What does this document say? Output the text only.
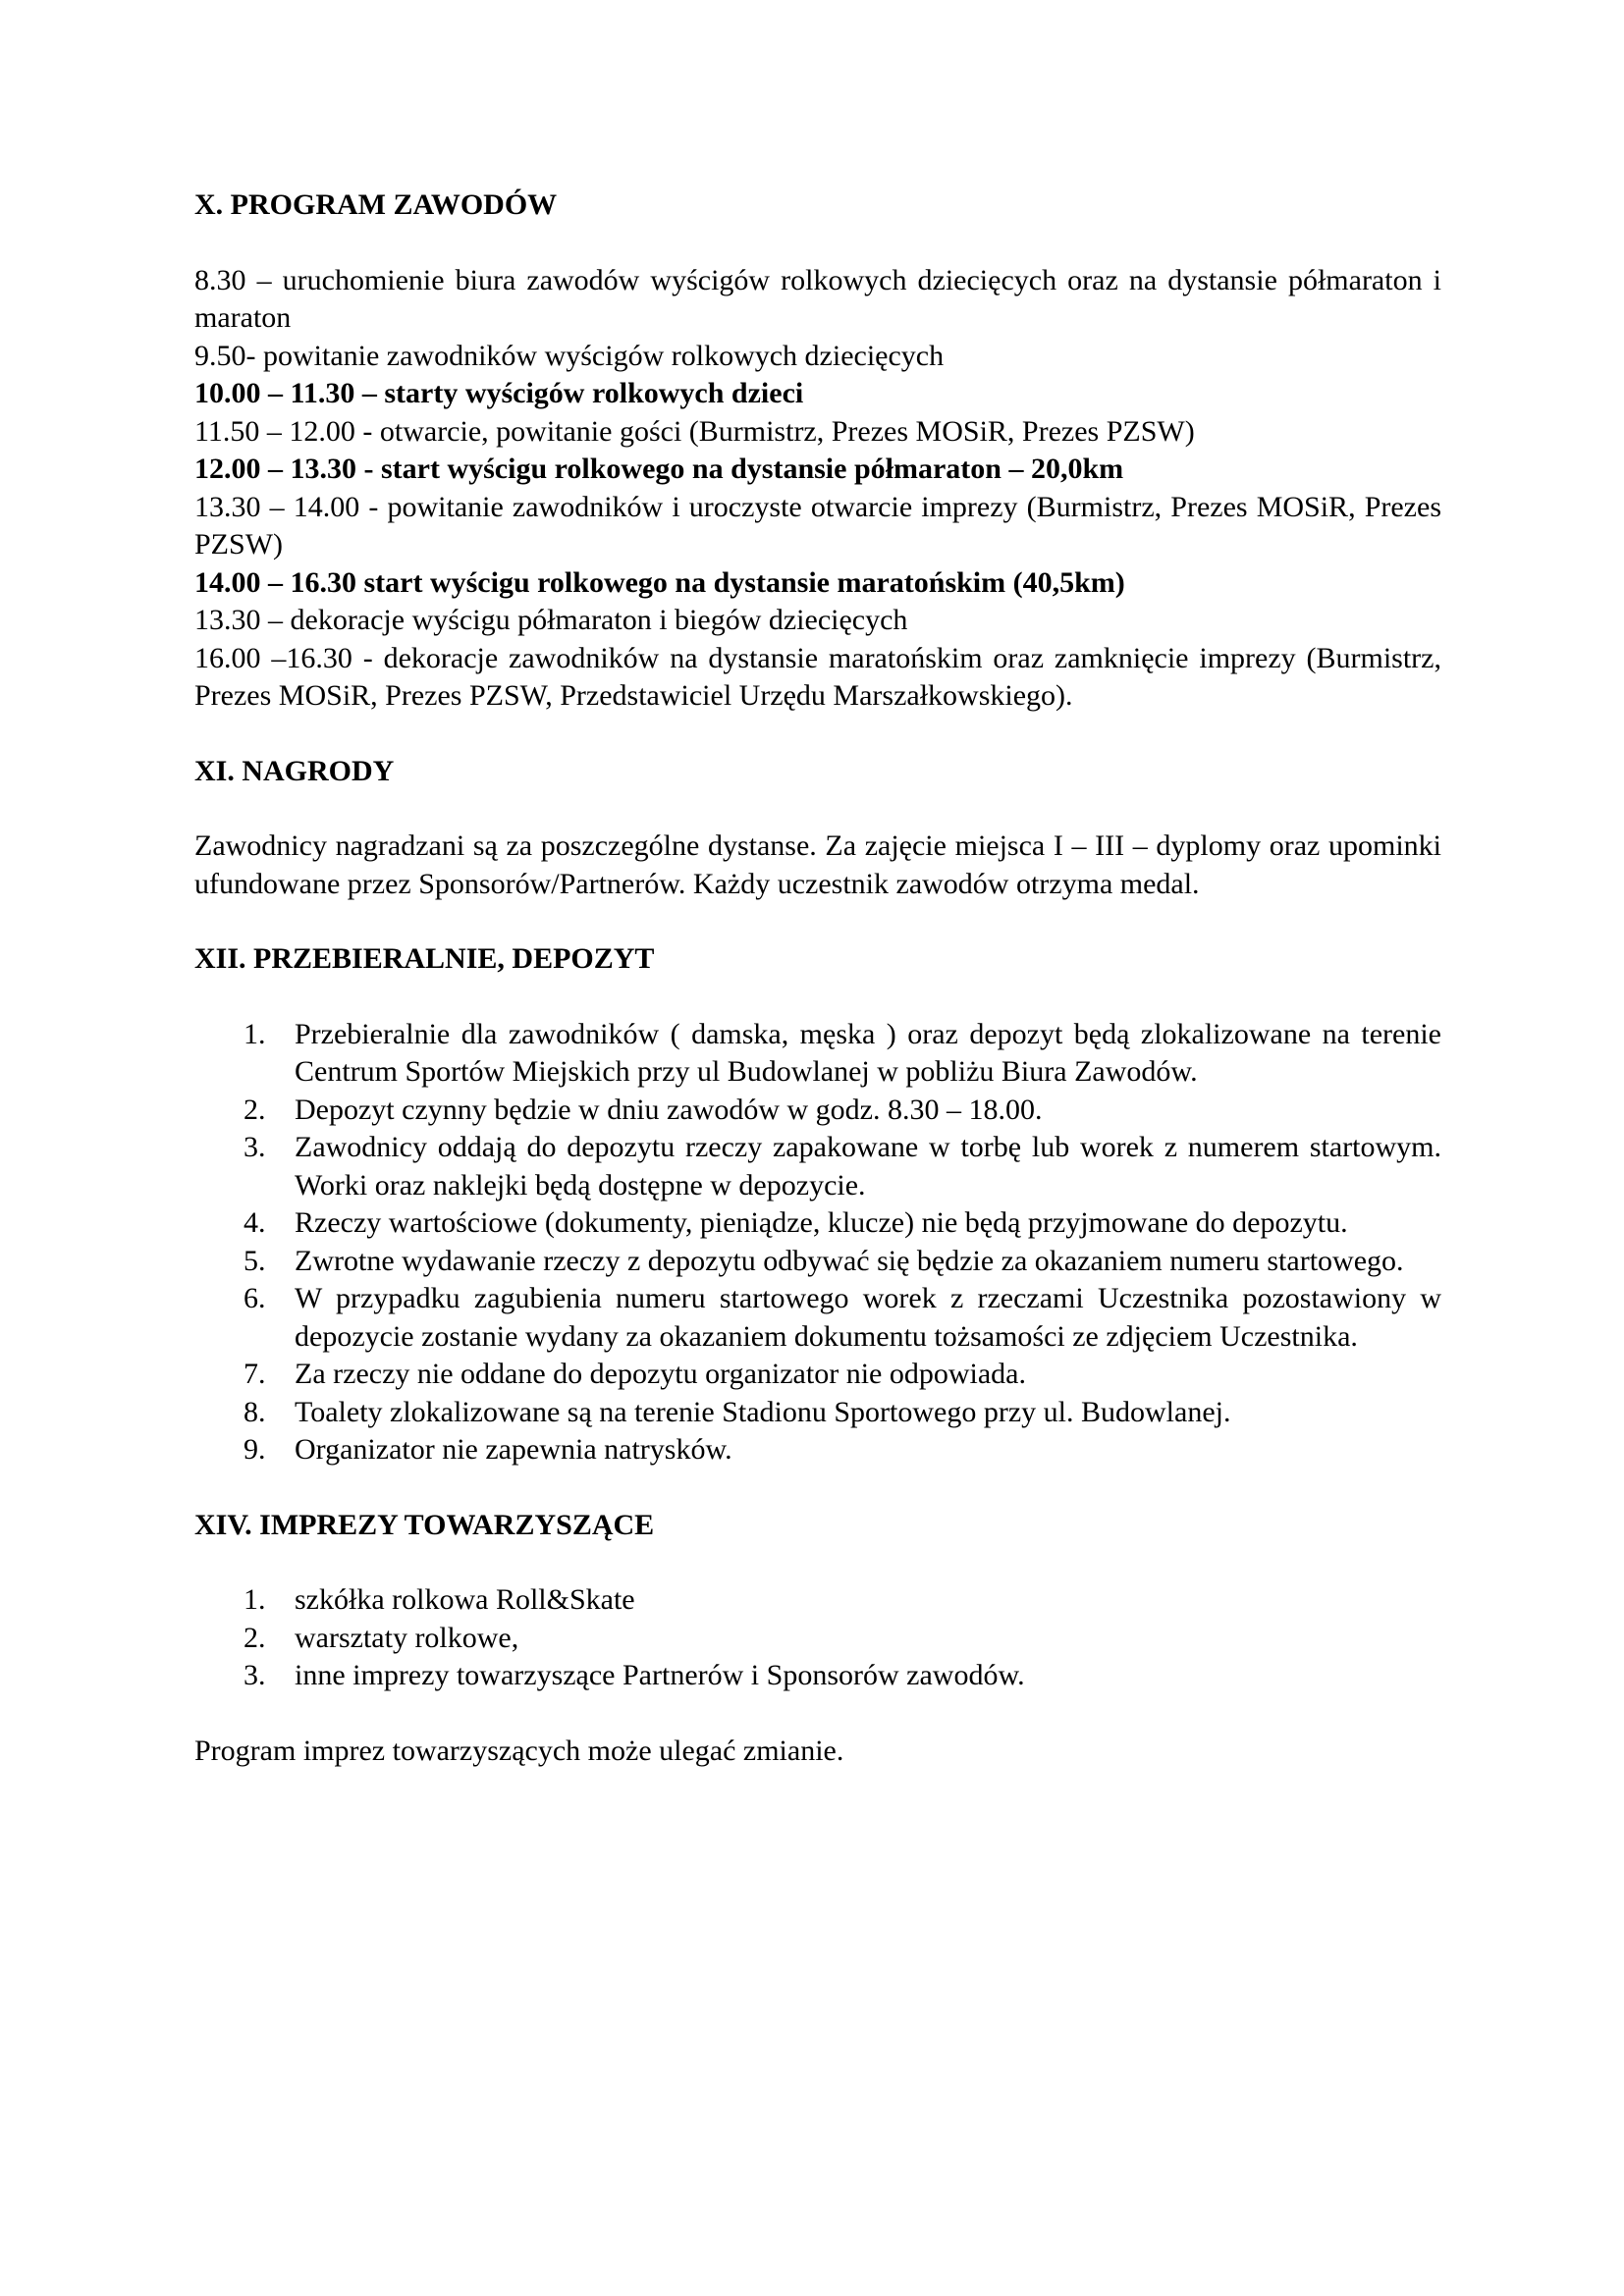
X. PROGRAM ZAWODÓW

8.30 – uruchomienie biura zawodów wyścigów rolkowych dziecięcych oraz na dystansie półmaraton i maraton
9.50- powitanie zawodników wyścigów rolkowych dziecięcych
10.00 – 11.30 – starty wyścigów rolkowych dzieci
11.50 – 12.00 - otwarcie, powitanie gości (Burmistrz, Prezes MOSiR, Prezes PZSW)
12.00 – 13.30 - start wyścigu rolkowego na dystansie półmaraton – 20,0km
13.30 – 14.00 - powitanie zawodników i uroczyste otwarcie imprezy (Burmistrz, Prezes MOSiR, Prezes PZSW)
14.00 – 16.30 start wyścigu rolkowego na dystansie maratońskim (40,5km)
13.30 – dekoracje wyścigu półmaraton i biegów dziecięcych
16.00 –16.30 - dekoracje zawodników na dystansie maratońskim oraz zamknięcie imprezy (Burmistrz, Prezes MOSiR, Prezes PZSW, Przedstawiciel Urzędu Marszałkowskiego).

XI. NAGRODY

Zawodnicy nagradzani są za poszczególne dystanse. Za zajęcie miejsca I – III – dyplomy oraz upominki ufundowane przez Sponsorów/Partnerów. Każdy uczestnik zawodów otrzyma medal.

XII. PRZEBIERALNIE, DEPOZYT

1. Przebieralnie dla zawodników ( damska, męska ) oraz depozyt będą zlokalizowane na terenie Centrum Sportów Miejskich przy ul Budowlanej w pobliżu Biura Zawodów.
2. Depozyt czynny będzie w dniu zawodów w godz. 8.30 – 18.00.
3. Zawodnicy oddają do depozytu rzeczy zapakowane w torbę lub worek z numerem startowym. Worki oraz naklejki będą dostępne w depozycie.
4. Rzeczy wartościowe (dokumenty, pieniądze, klucze) nie będą przyjmowane do depozytu.
5. Zwrotne wydawanie rzeczy z depozytu odbywać się będzie za okazaniem numeru startowego.
6. W przypadku zagubienia numeru startowego worek z rzeczami Uczestnika pozostawiony w depozycie zostanie wydany za okazaniem dokumentu tożsamości ze zdjęciem Uczestnika.
7. Za rzeczy nie oddane do depozytu organizator nie odpowiada.
8. Toalety zlokalizowane są na terenie Stadionu Sportowego przy ul. Budowlanej.
9. Organizator nie zapewnia natrysków.

XIV. IMPREZY TOWARZYSZĄCE

1. szkółka rolkowa Roll&Skate
2. warsztaty rolkowe,
3. inne imprezy towarzyszące Partnerów i Sponsorów zawodów.

Program imprez towarzyszących może ulegać zmianie.
